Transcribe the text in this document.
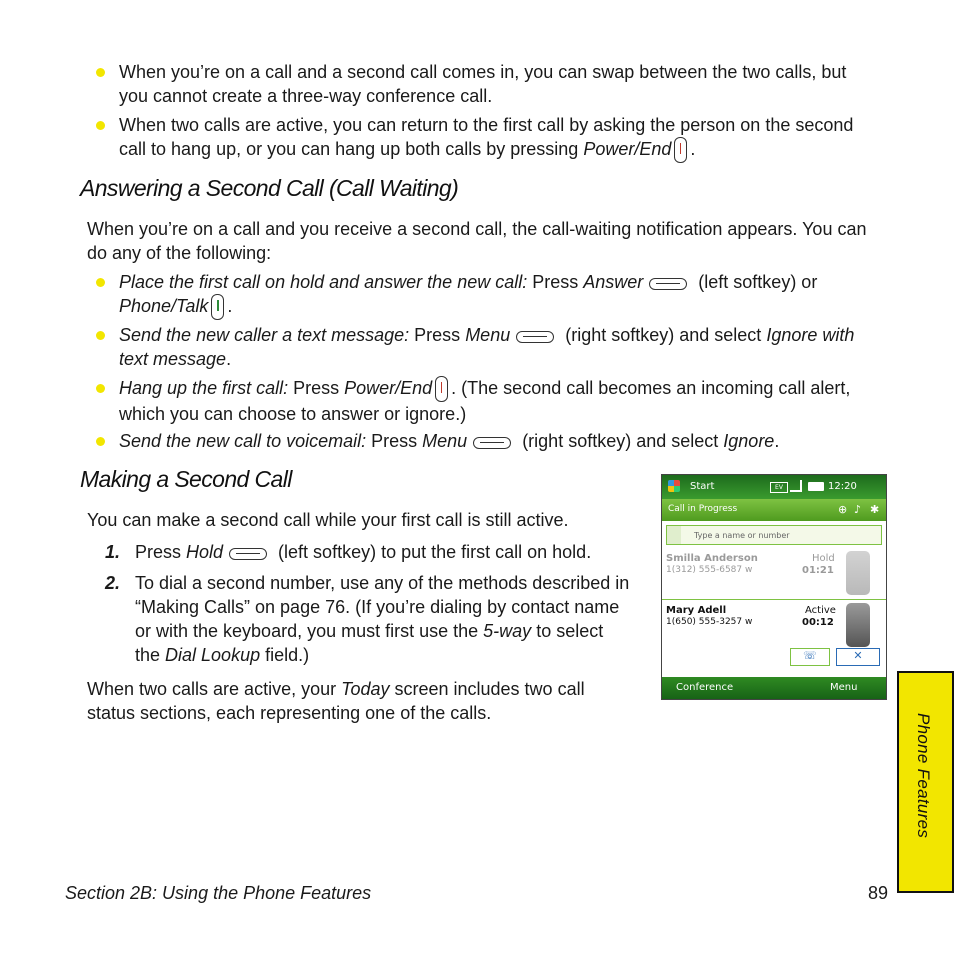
When you’re on a call and a second call comes in, you can swap between the two calls, but you cannot create a three-way conference call.
When two calls are active, you can return to the first call by asking the person on the second call to hang up, or you can hang up both calls by pressing Power/End .
Answering a Second Call (Call Waiting)
When you’re on a call and you receive a second call, the call-waiting notification appears. You can do any of the following:
Place the first call on hold and answer the new call: Press Answer	(left softkey) or
Phone/Talk .
Send the new caller a text message: Press Menu	(right softkey) and select Ignore with text message.
Hang up the first call: Press Power/End . (The second call becomes an incoming call alert, which you can choose to answer or ignore.)
Send the new call to voicemail: Press Menu	(right softkey) and select Ignore.
Making a Second Call
You can make a second call while your first call is still active.
1. Press Hold	(left softkey) to put the first call on hold.
2. To dial a second number, use any of the methods described in “Making Calls” on page 76. (If you’re dialing by contact name or with the keyboard, you must first use the 5-way to select the Dial Lookup field.)
When two calls are active, your Today screen includes two call status sections, each representing one of the calls.
Start	EV	12:20
Call in Progress	⊕ ♪ ✱
Type a name or number
Smilla Anderson
1(312) 555-6587 w
Hold
01:21
Mary Adell
1(650) 555-3257 w
Active
00:12
☏	✕
Conference	Menu
Phone Features
Section 2B: Using the Phone Features	89
